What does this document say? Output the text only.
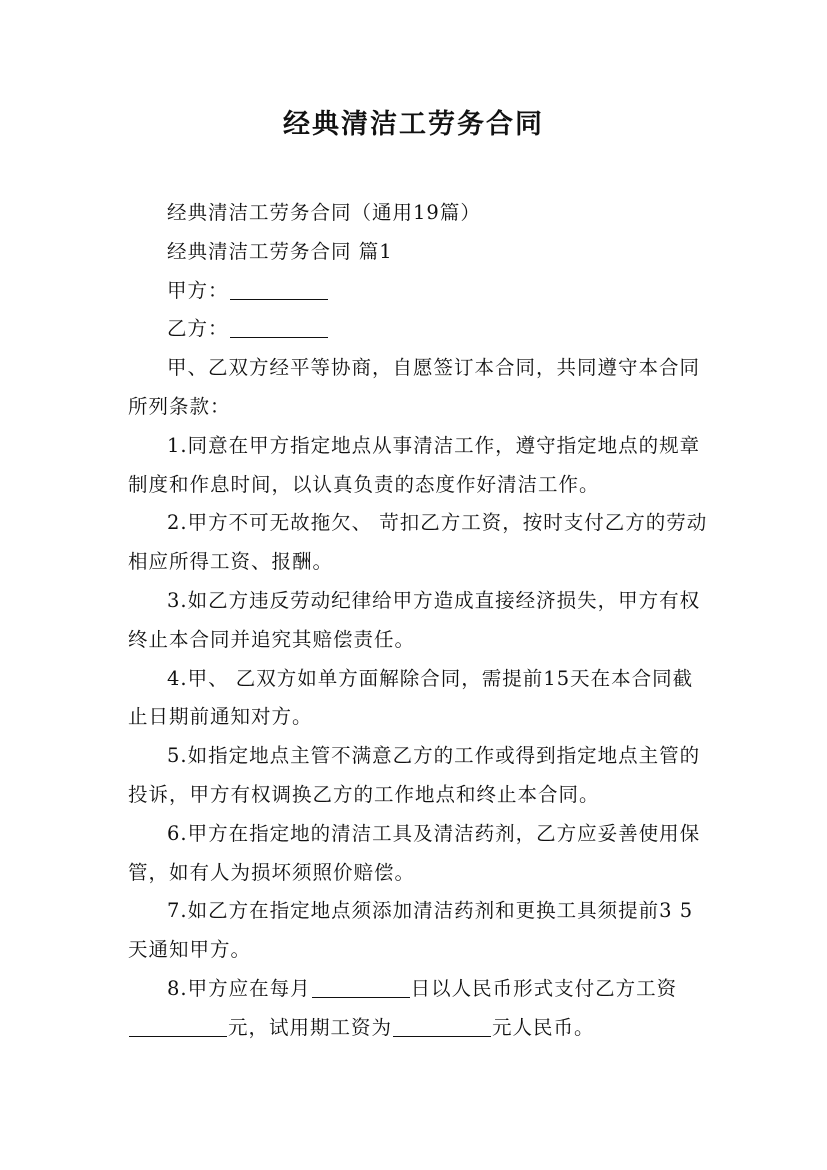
经典清洁工劳务合同

经典清洁工劳务合同（通用19篇）

经典清洁工劳务合同 篇1

甲方：

乙方：

甲、乙双方经平等协商，自愿签订本合同，共同遵守本合同所列条款：

1.同意在甲方指定地点从事清洁工作，遵守指定地点的规章制度和作息时间，以认真负责的态度作好清洁工作。

2.甲方不可无故拖欠、 苛扣乙方工资，按时支付乙方的劳动相应所得工资、报酬。

3.如乙方违反劳动纪律给甲方造成直接经济损失，甲方有权终止本合同并追究其赔偿责任。

4.甲、 乙双方如单方面解除合同，需提前15天在本合同截止日期前通知对方。

5.如指定地点主管不满意乙方的工作或得到指定地点主管的投诉，甲方有权调换乙方的工作地点和终止本合同。

6.甲方在指定地的清洁工具及清洁药剂，乙方应妥善使用保管，如有人为损坏须照价赔偿。

7.如乙方在指定地点须添加清洁药剂和更换工具须提前3 5天通知甲方。

8.甲方应在每月	日以人民币形式支付乙方工资元，试用期工资为	元人民币。
